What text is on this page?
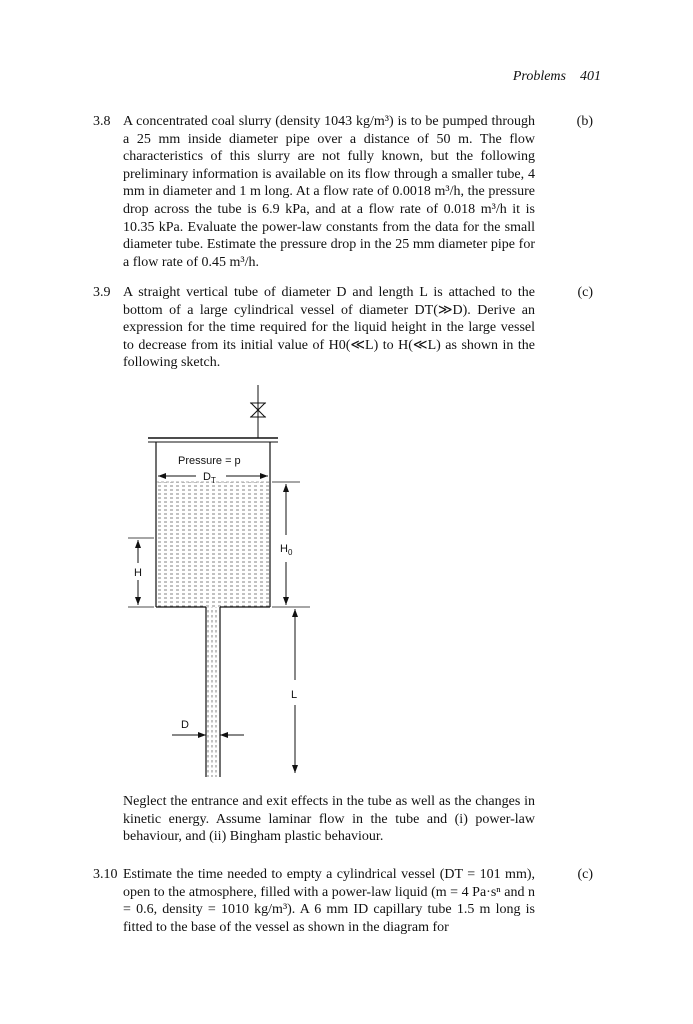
Problems 401
3.8	(b)
A concentrated coal slurry (density 1043 kg/m³) is to be pumped through a 25 mm inside diameter pipe over a distance of 50 m. The flow characteristics of this slurry are not fully known, but the following preliminary information is available on its flow through a smaller tube, 4 mm in diameter and 1 m long. At a flow rate of 0.0018 m³/h, the pressure drop across the tube is 6.9 kPa, and at a flow rate of 0.018 m³/h it is 10.35 kPa. Evaluate the power-law constants from the data for the small diameter tube. Estimate the pressure drop in the 25 mm diameter pipe for a flow rate of 0.45 m³/h.
3.9	(c)
A straight vertical tube of diameter D and length L is attached to the bottom of a large cylindrical vessel of diameter DT(≫D). Derive an expression for the time required for the liquid height in the large vessel to decrease from its initial value of H0(≪L) to H(≪L) as shown in the following sketch.
Pressure = p
$D_T$
$H_0$
H
L
D
Neglect the entrance and exit effects in the tube as well as the changes in kinetic energy. Assume laminar flow in the tube and (i) power-law behaviour, and (ii) Bingham plastic behaviour.
3.10	(c)
Estimate the time needed to empty a cylindrical vessel (DT = 101 mm), open to the atmosphere, filled with a power-law liquid (m = 4 Pa·sⁿ and n = 0.6, density = 1010 kg/m³). A 6 mm ID capillary tube 1.5 m long is fitted to the base of the vessel as shown in the diagram for
